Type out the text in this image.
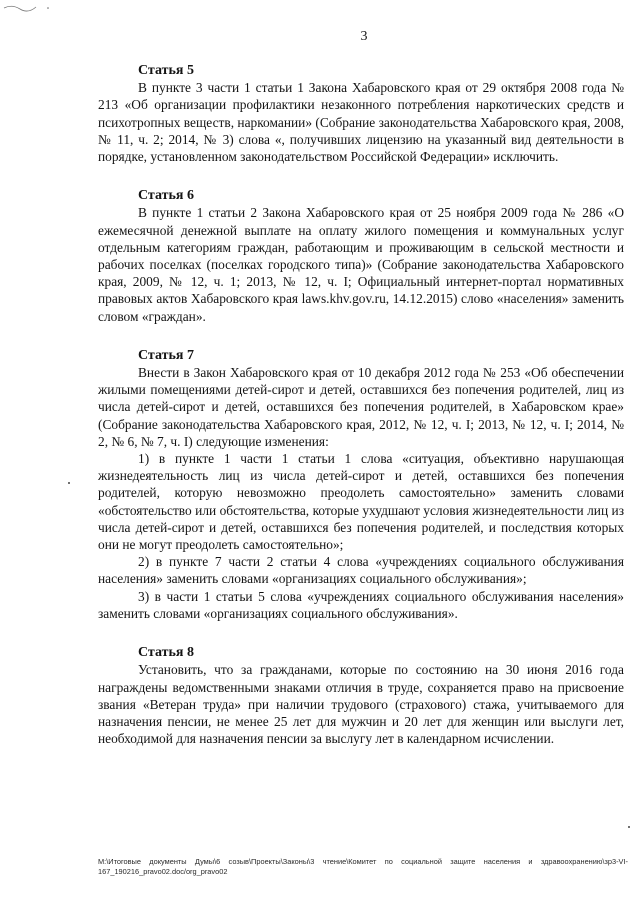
3

Статья 5

В пункте 3 части 1 статьи 1 Закона Хабаровского края от 29 октября 2008 года № 213 «Об организации профилактики незаконного потребления наркотических средств и психотропных веществ, наркомании» (Собрание законодательства Хабаровского края, 2008, № 11, ч. 2; 2014, № 3) слова «, получивших лицензию на указанный вид деятельности в порядке, установленном законодательством Российской Федерации» исключить.

Статья 6

В пункте 1 статьи 2 Закона Хабаровского края от 25 ноября 2009 года № 286 «О ежемесячной денежной выплате на оплату жилого помещения и коммунальных услуг отдельным категориям граждан, работающим и проживающим в сельской местности и рабочих поселках (поселках городского типа)» (Собрание законодательства Хабаровского края, 2009, № 12, ч. 1; 2013, № 12, ч. I; Официальный интернет-портал нормативных правовых актов Хабаровского края laws.khv.gov.ru, 14.12.2015) слово «населения» заменить словом «граждан».

Статья 7

Внести в Закон Хабаровского края от 10 декабря 2012 года № 253 «Об обеспечении жилыми помещениями детей-сирот и детей, оставшихся без попечения родителей, лиц из числа детей-сирот и детей, оставшихся без попечения родителей, в Хабаровском крае» (Собрание законодательства Хабаровского края, 2012, № 12, ч. I; 2013, № 12, ч. I; 2014, № 2, № 6, № 7, ч. I) следующие изменения:

1) в пункте 1 части 1 статьи 1 слова «ситуация, объективно нарушающая жизнедеятельность лиц из числа детей-сирот и детей, оставшихся без попечения родителей, которую невозможно преодолеть самостоятельно» заменить словами «обстоятельство или обстоятельства, которые ухудшают условия жизнедеятельности лиц из числа детей-сирот и детей, оставшихся без попечения родителей, и последствия которых они не могут преодолеть самостоятельно»;

2) в пункте 7 части 2 статьи 4 слова «учреждениях социального обслуживания населения» заменить словами «организациях социального обслуживания»;

3) в части 1 статьи 5 слова «учреждениях социального обслуживания населения» заменить словами «организациях социального обслуживания».

Статья 8

Установить, что за гражданами, которые по состоянию на 30 июня 2016 года награждены ведомственными знаками отличия в труде, сохраняется право на присвоение звания «Ветеран труда» при наличии трудового (страхового) стажа, учитываемого для назначения пенсии, не менее 25 лет для мужчин и 20 лет для женщин или выслуги лет, необходимой для назначения пенсии за выслугу лет в календарном исчислении.

M:\Итоговые документы Думы\6 созыв\Проекты\Законы\3 чтение\Комитет по социальной защите населения и здравоохранению\зр3-VI-167_190216_pravo02.doc/org_pravo02
